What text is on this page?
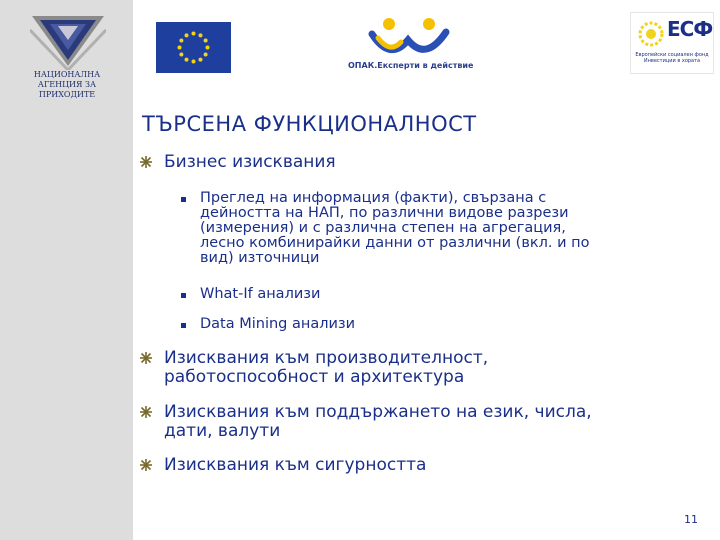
НАЦИОНАЛНА
АГЕНЦИЯ ЗА
ПРИХОДИТЕ
ОПАК.Експерти в действие
ЕСФ
Европейски социален фонд Инвестиции в хората
ТЪРСЕНА ФУНКЦИОНАЛНОСТ
Бизнес изисквания
Преглед на информация (факти), свързана с
дейността на НАП, по различни видове разрези
(измерения) и с различна степен на агрегация,
лесно комбинирайки данни от различни (вкл. и по
вид) източници
What-If анализи
Data Mining анализи
Изисквания към производителност,
работоспособност и архитектура
Изисквания към поддържането на език, числа,
дати, валути
Изисквания към сигурността
11
